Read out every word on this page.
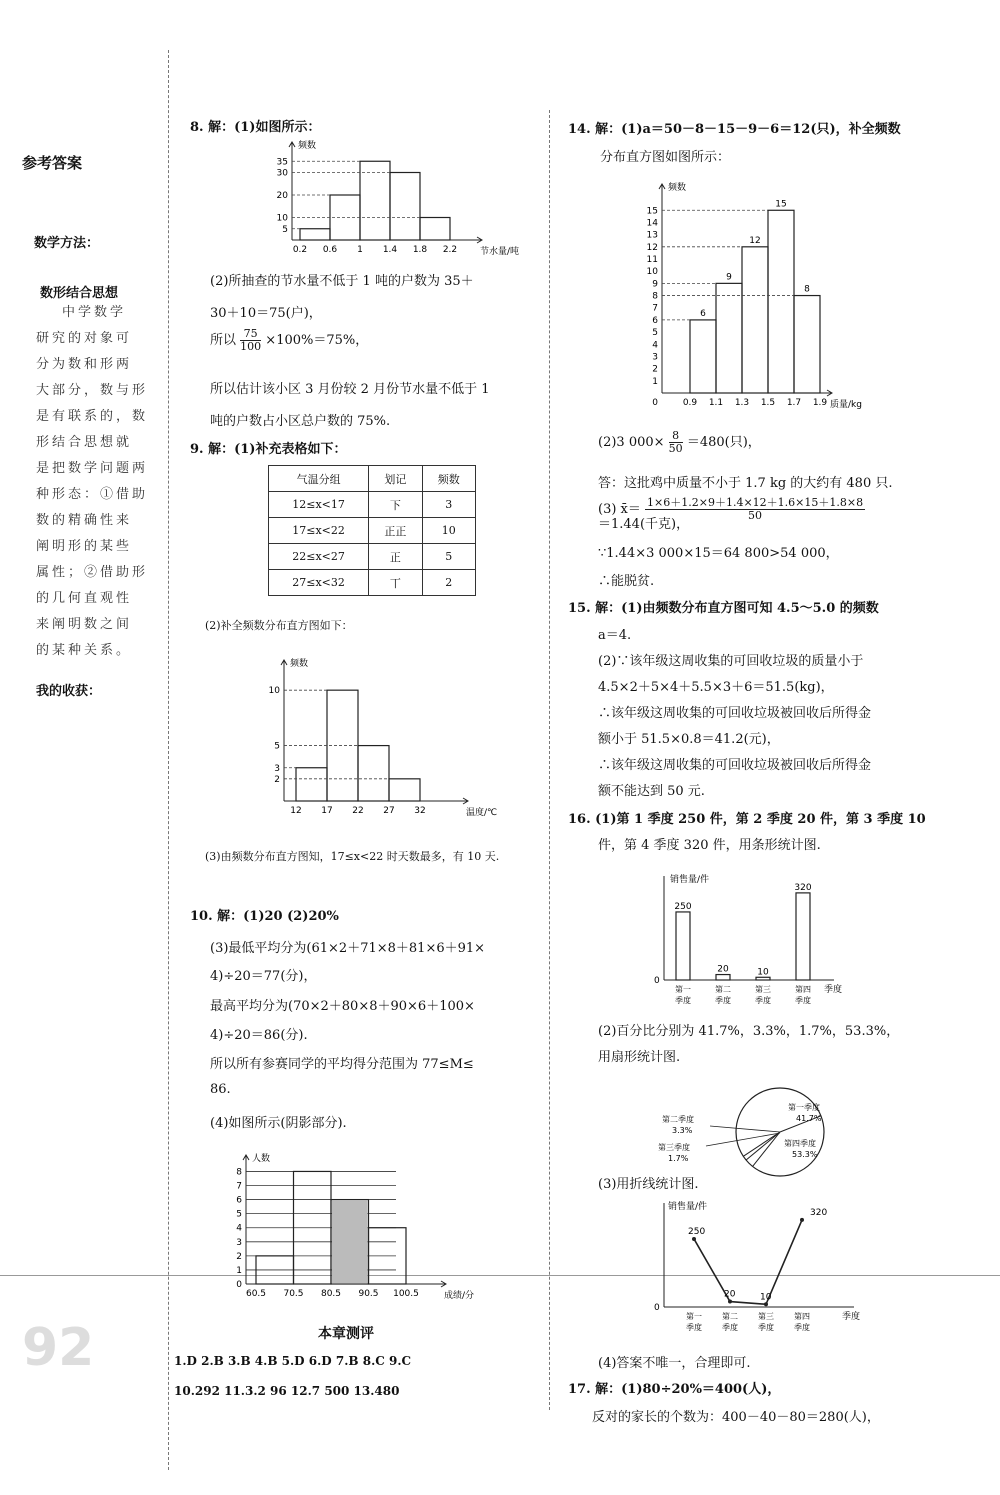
参考答案
数学方法：
数形结合思想
中学数学
研究的对象可
分为数和形两
大部分，数与形
是有联系的，数
形结合思想就
是把数学问题两
种形态：①借助
数的精确性来
阐明形的某些
属性；②借助形
的几何直观性
来阐明数之间
的某种关系。
我的收获：
92
8. 解：(1)如图所示：
5
10
20
30
35
0.2 0.6 1 1.4 1.8 2.2
频数
节水量/吨
(2)所抽查的节水量不低于 1 吨的户数为 35＋
30＋10＝75(户)，
所以 $\frac{75}{100} \times 100\%=75\%$，
所以估计该小区 3 月份较 2 月份节水量不低于 1
吨的户数占小区总户数的 75%.
9. 解：(1)补充表格如下：
气温分组	划记	频数
12≤x<17	下	3
17≤x<22	正正	10
22≤x<27	正	5
27≤x<32	丅	2
(2)补全频数分布直方图如下：
2
3
5
10
12 17 22 27 32
频数
温度/℃
(3)由频数分布直方图知，17≤x<22 时天数最多，有 10 天.
10. 解：(1)20 (2)20%
(3)最低平均分为(61×2＋71×8＋81×6＋91×
4)÷20＝77(分)，
最高平均分为(70×2＋80×8＋90×6＋100×
4)÷20＝86(分).
所以所有参赛同学的平均得分范围为 77≤M≤
86.
(4)如图所示(阴影部分).
0
1
2
3
4
5
6
7
8
60.5 70.5 80.5 90.5 100.5
人数
成绩/分
本章测评
1.D 2.B 3.B 4.B 5.D 6.D 7.B 8.C 9.C
10.292 11.3.2 96 12.7 500 13.480
14. 解：(1)a＝50－8－15－9－6＝12(只)，补全频数
分布直方图如图所示：
6
9
12
15
8
1
2
3
4
5
6
7
8
9
10
11
12
13
14
15
0	0.9 1.1 1.3 1.5 1.7 1.9
频数
质量/kg
(2)3 $000\times \frac{8}{50} =480$(只)，
答：这批鸡中质量不小于 1.7 kg 的大约有 480 只.
(3) x̄＝ $\frac{1\times 6+1.2\times 9+1.4\times 12+1.6\times 15+1.8\times 8}{50}$
＝1.44(千克)，
∵1.44×3 000×15＝64 800>54 000，
∴能脱贫.
15. 解：(1)由频数分布直方图可知 4.5～5.0 的频数
a＝4.
(2)∵该年级这周收集的可回收垃圾的质量小于
4.5×2＋5×4＋5.5×3＋6＝51.5(kg)，
∴该年级这周收集的可回收垃圾被回收后所得金
额小于 51.5×0.8＝41.2(元)，
∴该年级这周收集的可回收垃圾被回收后所得金
额不能达到 50 元.
16. (1)第 1 季度 250 件，第 2 季度 20 件，第 3 季度 10
件，第 4 季度 320 件，用条形统计图.
销售量/件
0
250
第一
季度
20
第二
季度
10
第三
季度
320
第四
季度
季度
(2)百分比分别为 41.7%，3.3%，1.7%，53.3%，
用扇形统计图.
第一季度
41.7%
第二季度
3.3%
第三季度
1.7%
第四季度
53.3%
(3)用折线统计图.
销售量/件
0
250
第一
季度
20
第二
季度
10
第三
季度
320
第四
季度
季度
(4)答案不唯一，合理即可.
17. 解：(1)80÷20%＝400(人)，
反对的家长的个数为：400－40－80＝280(人)，
